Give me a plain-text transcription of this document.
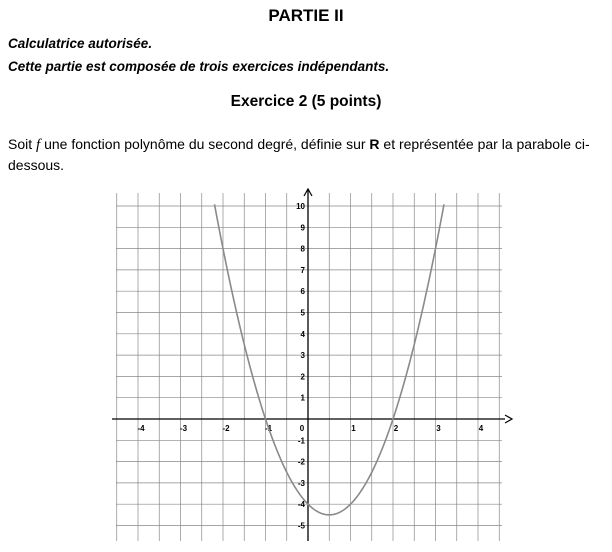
PARTIE II
Calculatrice autorisée.
Cette partie est composée de trois exercices indépendants.
Exercice 2 (5 points)
Soit f une fonction polynôme du second degré, définie sur R et représentée par la parabole ci-dessous.
-4	-3	-2	-1	0	1	2	3	4
-5
-4
-3
-2
-1
1
2
3
4
5
6
7
8
9
10
